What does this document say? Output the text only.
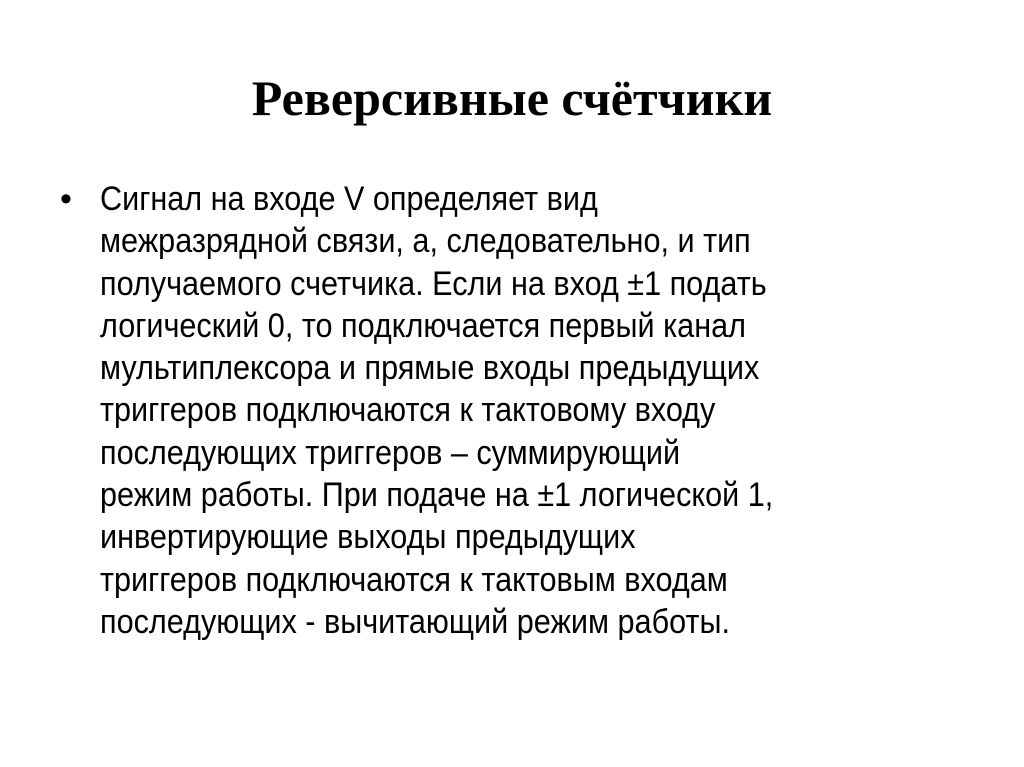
Реверсивные счётчики
• Сигнал на входе V определяет вид
межразрядной связи, а, следовательно, и тип
получаемого счетчика. Если на вход ±1 подать
логический 0, то подключается первый канал
мультиплексора и прямые входы предыдущих
триггеров подключаются к тактовому входу
последующих триггеров – суммирующий
режим работы. При подаче на ±1 логической 1,
инвертирующие выходы предыдущих
триггеров подключаются к тактовым входам
последующих - вычитающий режим работы.
